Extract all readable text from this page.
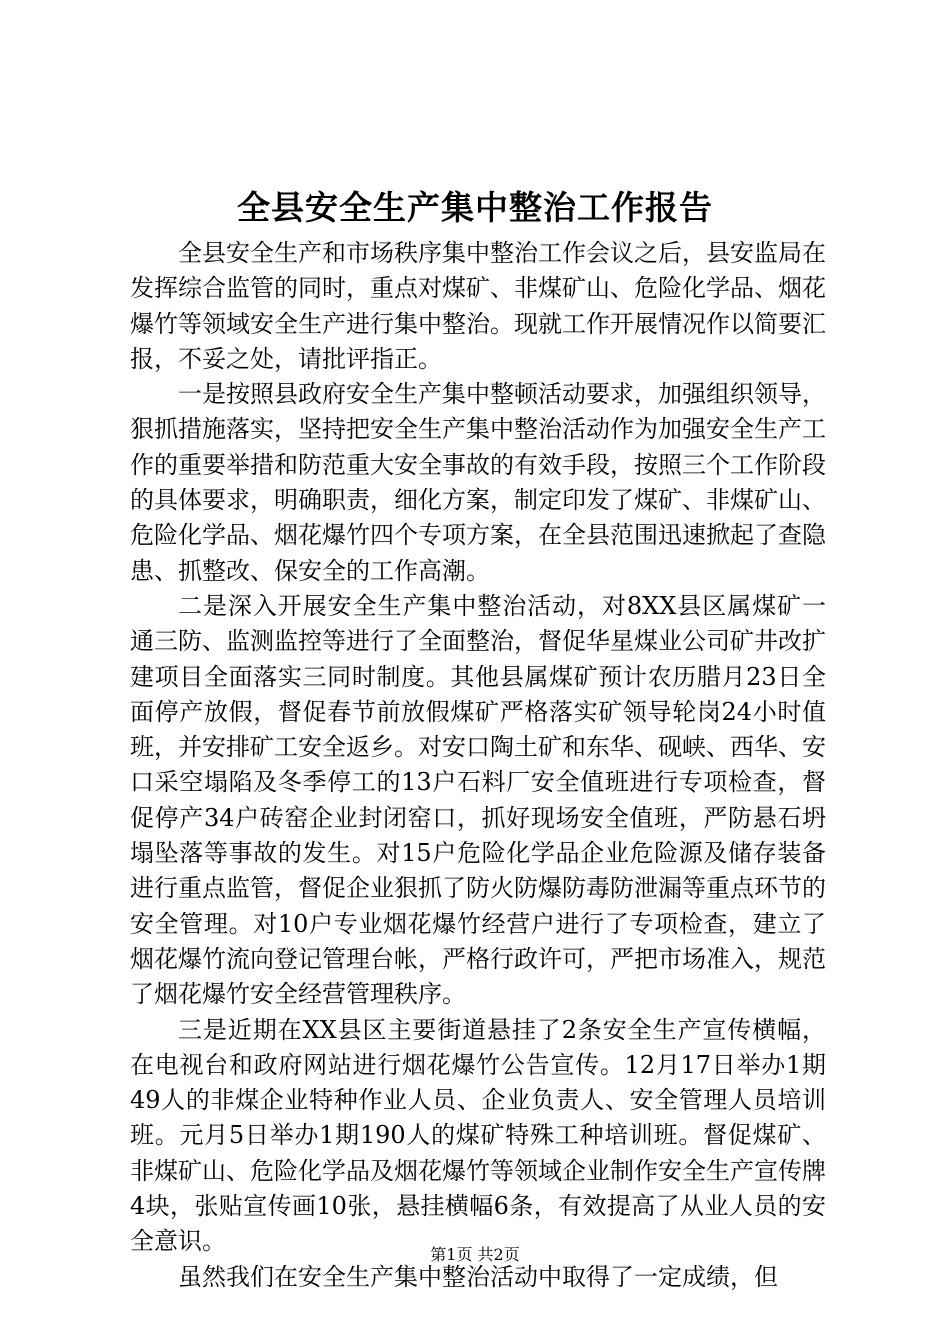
全县安全生产集中整治工作报告

全县安全生产和市场秩序集中整治工作会议之后，县安监局在发挥综合监管的同时，重点对煤矿、非煤矿山、危险化学品、烟花爆竹等领域安全生产进行集中整治。现就工作开展情况作以简要汇报，不妥之处，请批评指正。

一是按照县政府安全生产集中整顿活动要求，加强组织领导，狠抓措施落实，坚持把安全生产集中整治活动作为加强安全生产工作的重要举措和防范重大安全事故的有效手段，按照三个工作阶段的具体要求，明确职责，细化方案，制定印发了煤矿、非煤矿山、危险化学品、烟花爆竹四个专项方案，在全县范围迅速掀起了查隐患、抓整改、保安全的工作高潮。

二是深入开展安全生产集中整治活动，对8XX县区属煤矿一通三防、监测监控等进行了全面整治，督促华星煤业公司矿井改扩建项目全面落实三同时制度。其他县属煤矿预计农历腊月23日全面停产放假，督促春节前放假煤矿严格落实矿领导轮岗24小时值班，并安排矿工安全返乡。对安口陶土矿和东华、砚峡、西华、安口采空塌陷及冬季停工的13户石料厂安全值班进行专项检查，督促停产34户砖窑企业封闭窑口，抓好现场安全值班，严防悬石坍塌坠落等事故的发生。对15户危险化学品企业危险源及储存装备进行重点监管，督促企业狠抓了防火防爆防毒防泄漏等重点环节的安全管理。对10户专业烟花爆竹经营户进行了专项检查，建立了烟花爆竹流向登记管理台帐，严格行政许可，严把市场准入，规范了烟花爆竹安全经营管理秩序。

三是近期在XX县区主要街道悬挂了2条安全生产宣传横幅，在电视台和政府网站进行烟花爆竹公告宣传。12月17日举办1期49人的非煤企业特种作业人员、企业负责人、安全管理人员培训班。元月5日举办1期190人的煤矿特殊工种培训班。督促煤矿、非煤矿山、危险化学品及烟花爆竹等领域企业制作安全生产宣传牌4块，张贴宣传画10张，悬挂横幅6条，有效提高了从业人员的安全意识。

虽然我们在安全生产集中整治活动中取得了一定成绩，但

第1页 共2页
